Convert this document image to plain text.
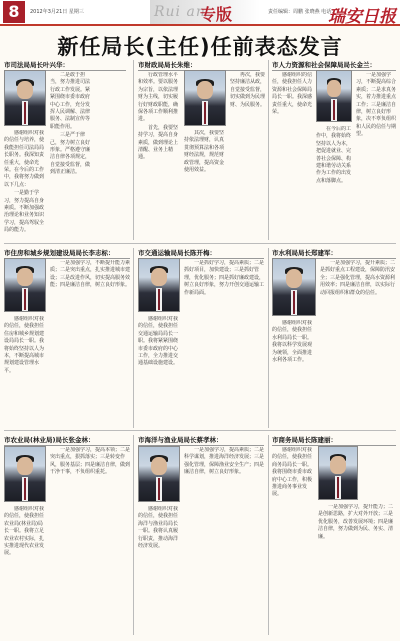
8	2012年3月21日 星期三	Rui an
专版	责任编辑：周鹏 张晓燕 电话：
瑞安日报
新任局长(主任)任前表态发言
市司法局局长叶兴华：

感谢组织对我的信任与培养，使我能担任司法局局长职务。我深知责任重大，使命光荣。在今后的工作中，我将努力做到以下几点：

一是勤于学习，努力提高自身素质。不断加强政治理论和业务知识学习，提高驾驭全局的能力。

二是敢于担当，努力推进司法行政工作发展。紧紧围绕市委市政府中心工作，充分发挥人民调解、法律服务、法制宣传等职能作用。

三是严于律己，努力树立良好形象。严格遵守廉洁自律各项规定，自觉接受监督，做到清正廉洁。

市财政局局长朱维：

行政管理水平和效率。要以服务为宗旨，以依法理财为主线，切实履行好财政职能，确保各项工作顺利推进。

首先，我要坚持学习，提高自身素质，做到理论上清醒、业务上精通。

其次，我要坚持依法理财，认真贯彻预算法和各项财经法规，规范财政管理，提高资金使用效益。

再次，我要坚持廉洁从政，自觉接受监督，切实做到为民理财、为民服务。

市人力资源和社会保障局局长金兰：

感谢组织的信任，使我担任人力资源和社会保障局局长一职。我深感责任重大，使命光荣。

在今后的工作中，我将始终坚持以人为本，把促进就业、完善社会保障、构建和谐劳动关系作为工作的出发点和落脚点。

一是加强学习，不断提高综合素质；二是求真务实，着力推进重点工作；三是廉洁自律，树立良好形象，决不辜负组织和人民的信任与期望。

市住房和城乡规划建设局局长李志标：

感谢组织对我的信任，使我担任住房和城乡规划建设局局长一职。我将始终坚持以人为本，不断提高城市规划建设管理水平。

一是加强学习，不断提升能力素质；二是突出重点，扎实推进城市建设；三是改进作风，切实提高服务效能；四是廉洁自律，树立良好形象。

市交通运输局局长陈开梅：

感谢组织对我的信任，使我担任交通运输局局长一职。我将紧紧围绕市委市政府的中心工作，全力推进交通基础设施建设。

一是抓好学习，提高素质；二是抓好项目，加快建设；三是抓好管理，优化服务；四是抓好廉政建设，树立良好形象，努力开创交通运输工作新局面。

市水利局局长郑建军：

感谢组织对我的信任，使我担任水利局局长一职。我将以科学发展观为统领，全面推进水利各项工作。

一是加强学习，提升素质；二是抓好重点工程建设，保障防汛安全；三是强化管理，提高水资源利用效率；四是廉洁自律，以实际行动回报组织和群众的信任。

市农业局(林业局)局长张金林：

感谢组织对我的信任，使我担任农业局(林业局)局长一职。我将立足农业农村实际，扎实推进现代农业发展。

一是加强学习，提高本领；二是突出重点，狠抓落实；三是转变作风，服务基层；四是廉洁自律，做到干净干事，不负组织重托。

市海洋与渔业局局长蔡孝林：

感谢组织对我的信任，使我担任海洋与渔业局局长一职。我将认真履行职责，推动海洋经济发展。

一是加强学习，提高素质；二是科学谋划，推进海洋经济发展；三是强化管理，保障渔业安全生产；四是廉洁自律，树立良好形象。

市商务局局长陈建丽：

感谢组织对我的信任，使我担任商务局局长一职。我将围绕市委市政府中心工作，积极推进商务事业发展。

一是加强学习，提升能力；二是创新思路，扩大对外开放；三是优化服务，改善发展环境；四是廉洁自律，努力做到为民、务实、清廉。
